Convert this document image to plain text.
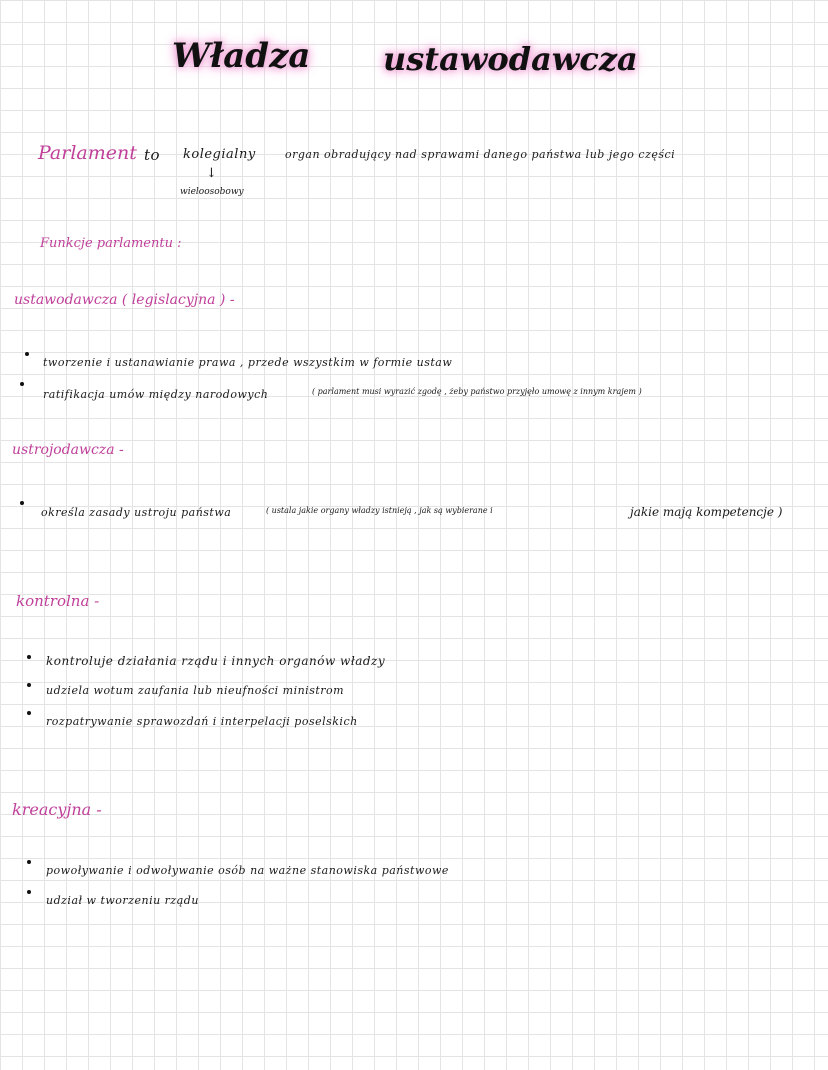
Władza ustawodawcza
Parlament to kolegialny
↓
wieloosobowy
organ obradujący nad sprawami danego państwa lub jego części
Funkcje parlamentu :
ustawodawcza ( legislacyjna ) -
tworzenie i ustanawianie prawa , przede wszystkim w formie ustaw
ratifikacja umów między narodowych	( parlament musi wyrazić zgodę , żeby państwo przyjęło umowę z innym krajem )
ustrojodawcza -
określa zasady ustroju państwa	( ustala jakie organy władzy istnieją , jak są wybierane i	jakie mają kompetencje )
kontrolna -
kontroluje działania rządu i innych organów władzy
udziela wotum zaufania lub nieufności ministrom
rozpatrywanie sprawozdań i interpelacji poselskich
kreacyjna -
powoływanie i odwoływanie osób na ważne stanowiska państwowe
udział w tworzeniu rządu
